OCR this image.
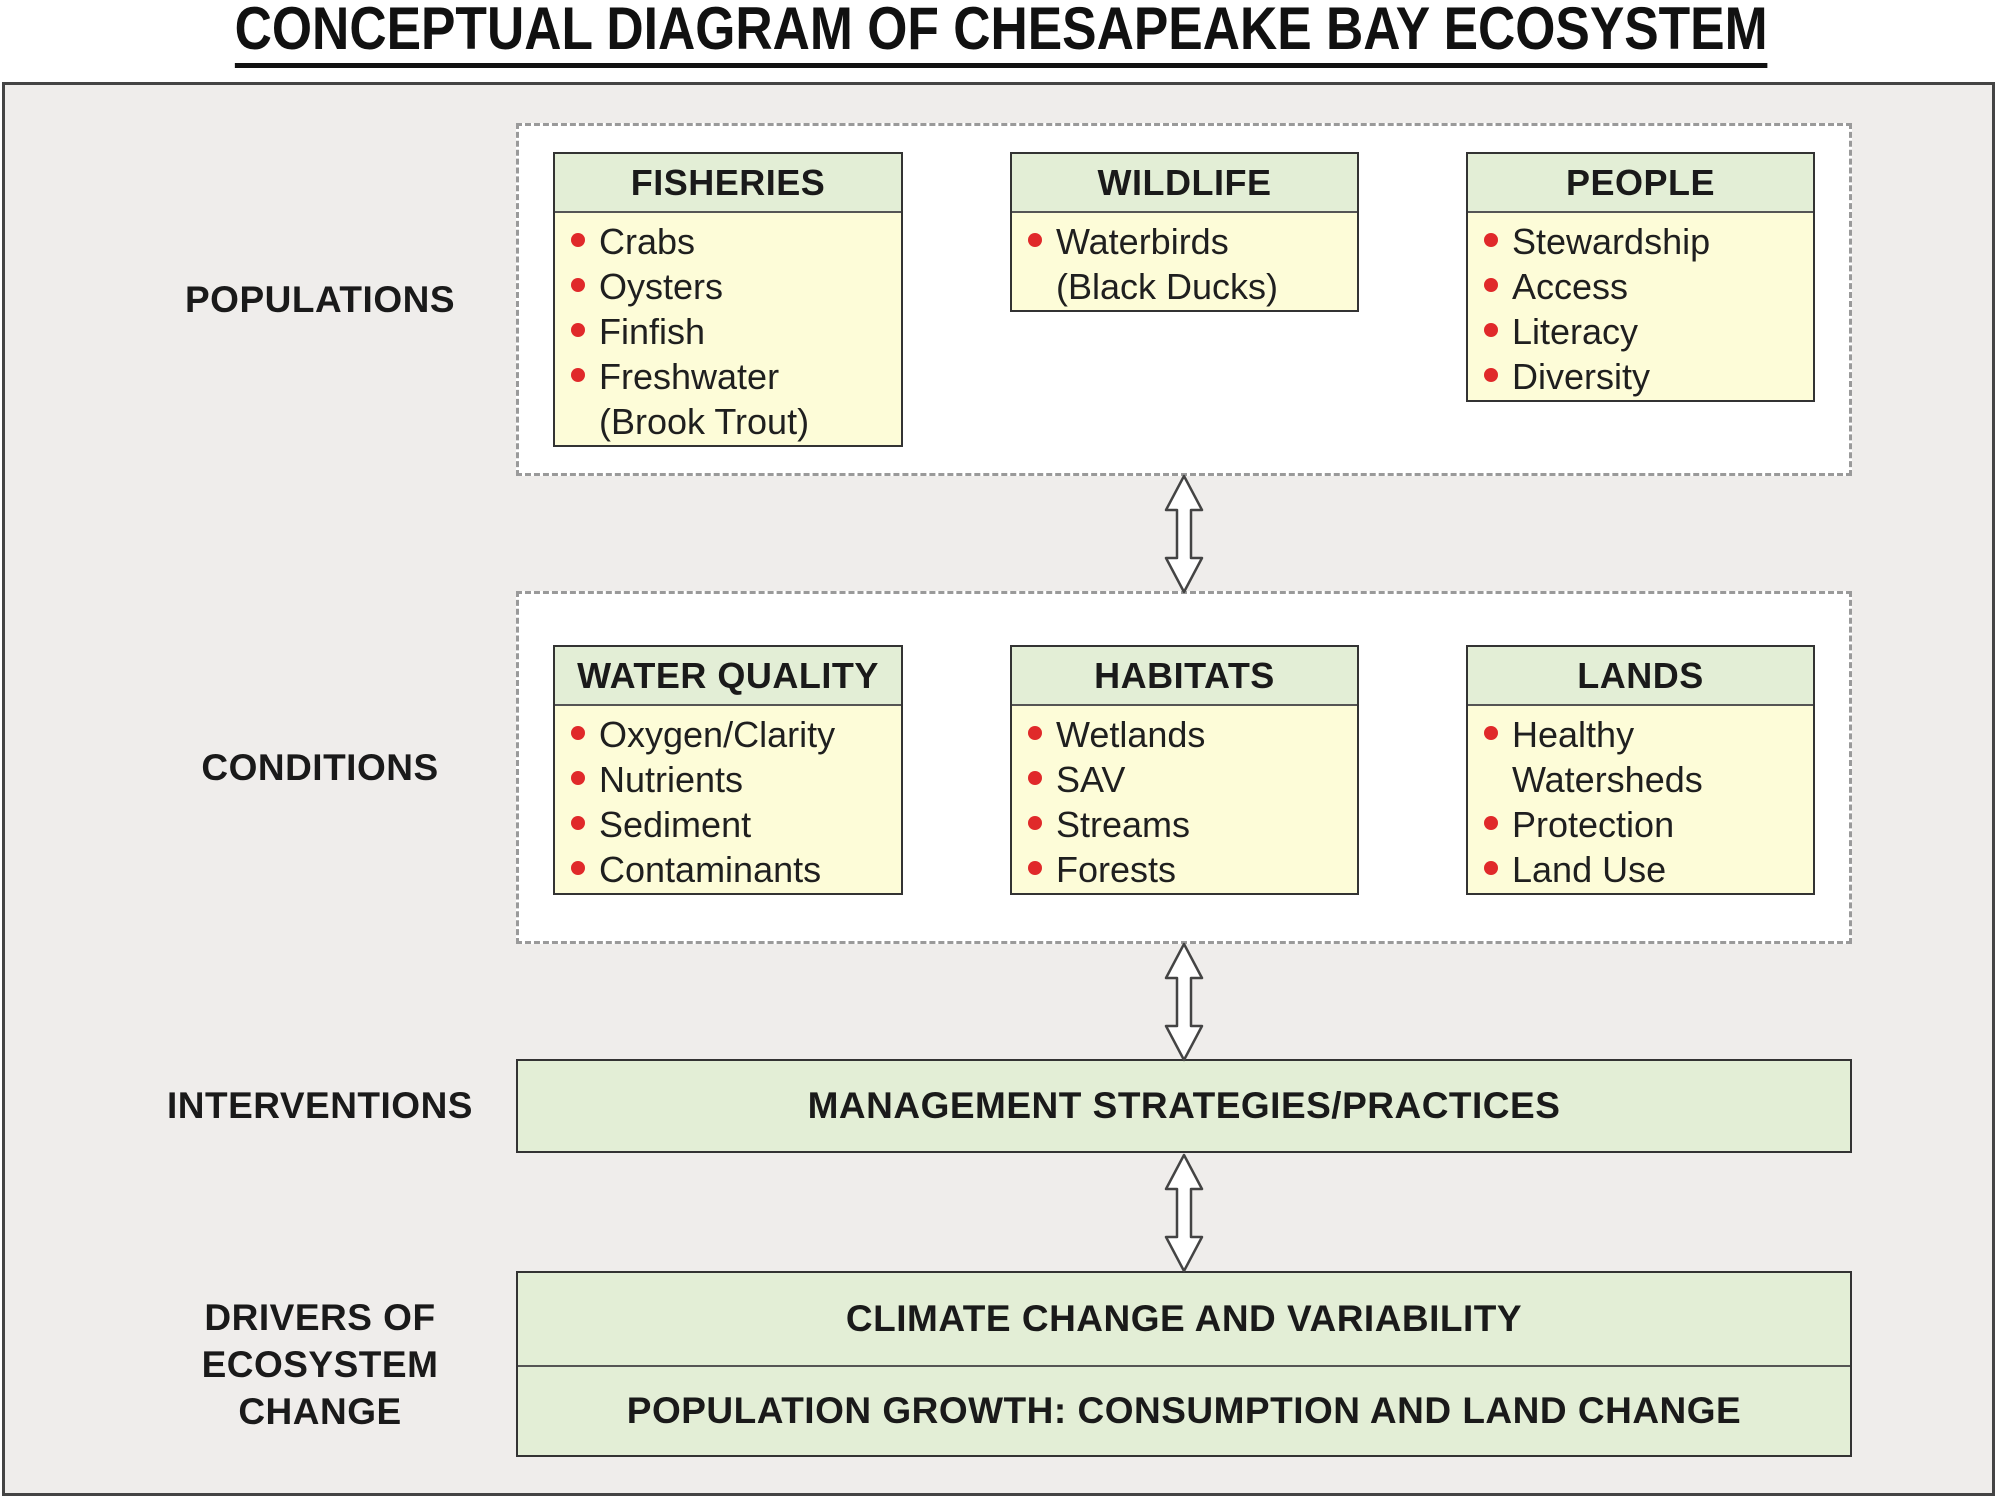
CONCEPTUAL DIAGRAM OF CHESAPEAKE BAY ECOSYSTEM
POPULATIONS
CONDITIONS
INTERVENTIONS
DRIVERS OF
ECOSYSTEM
CHANGE
FISHERIES
Crabs
Oysters
Finfish
Freshwater
(Brook Trout)
WILDLIFE
Waterbirds
(Black Ducks)
PEOPLE
Stewardship
Access
Literacy
Diversity
WATER QUALITY
Oxygen/Clarity
Nutrients
Sediment
Contaminants
HABITATS
Wetlands
SAV
Streams
Forests
LANDS
Healthy
Watersheds
Protection
Land Use
MANAGEMENT STRATEGIES/PRACTICES
CLIMATE CHANGE AND VARIABILITY
POPULATION GROWTH: CONSUMPTION AND LAND CHANGE
